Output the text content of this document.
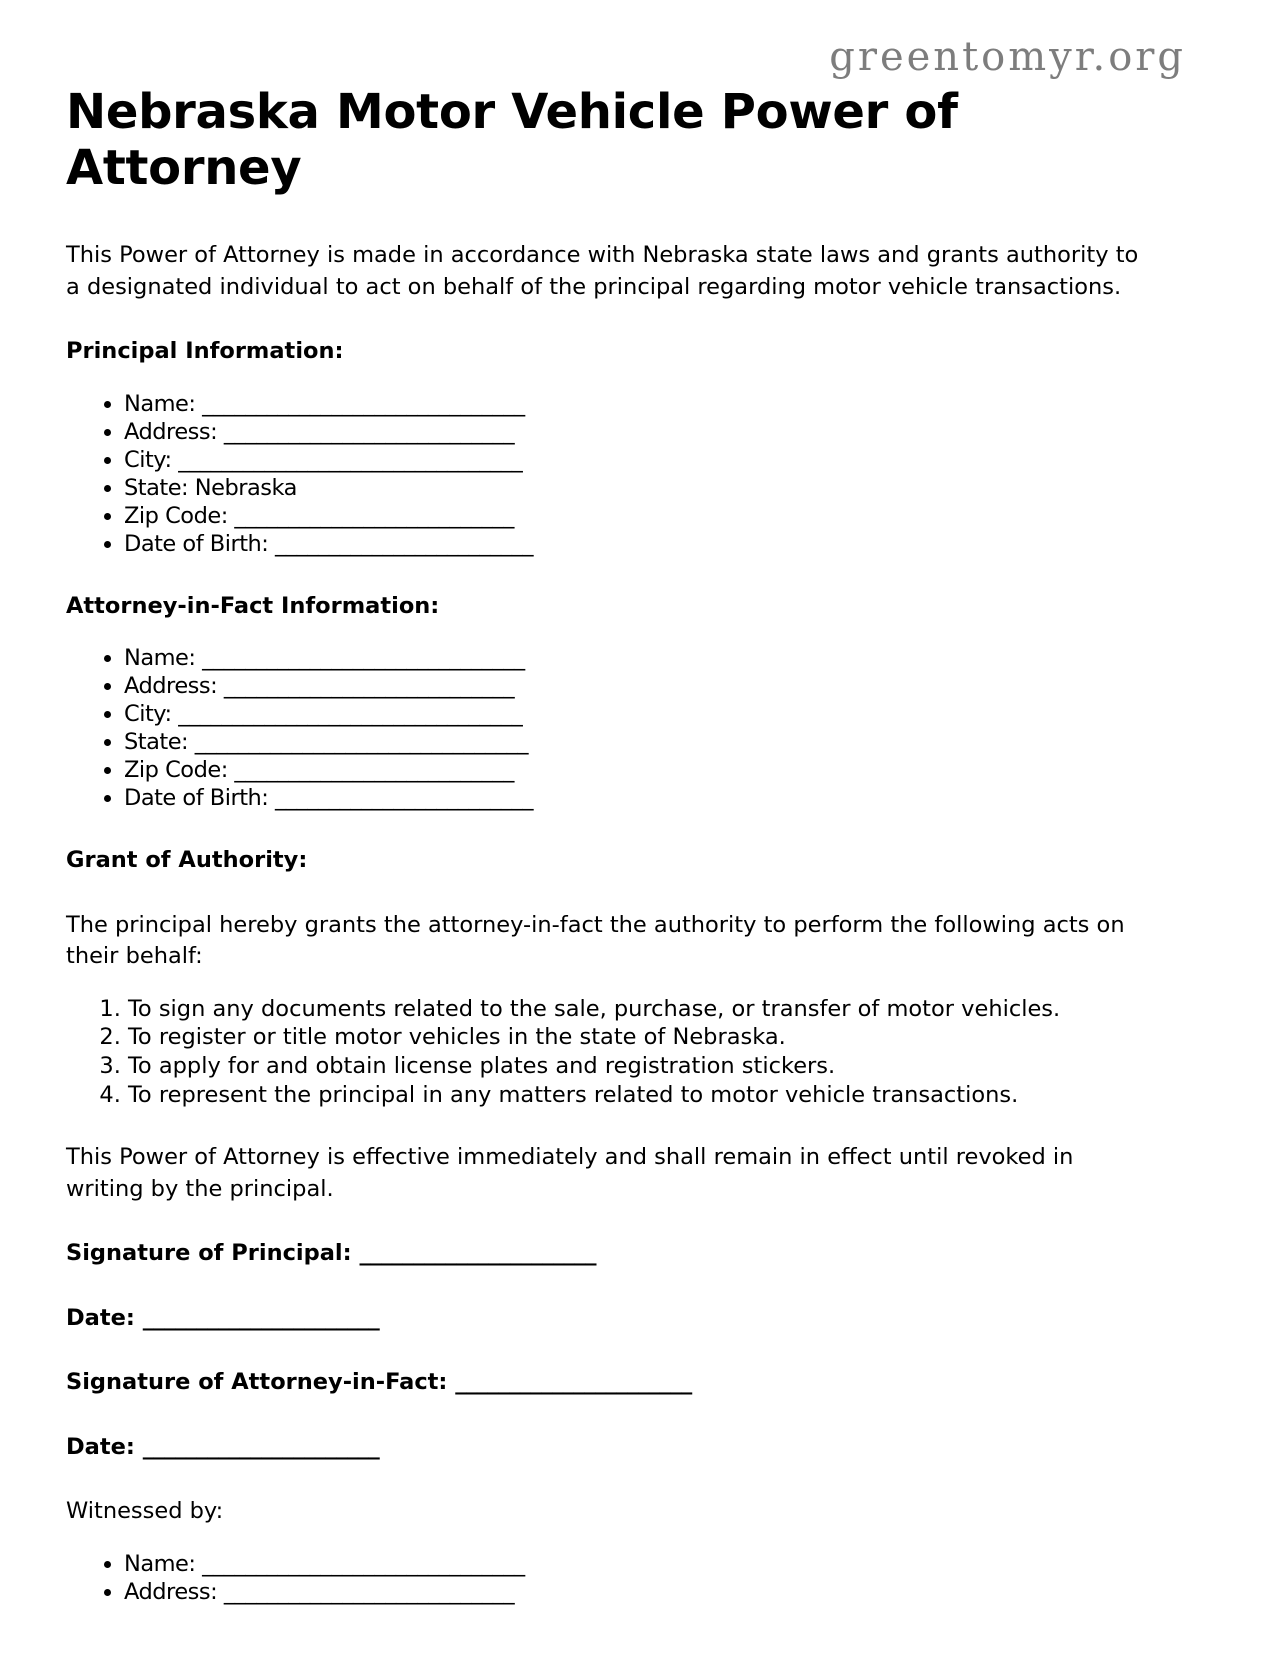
greentomyr.org
Nebraska Motor Vehicle Power of Attorney

This Power of Attorney is made in accordance with Nebraska state laws and grants authority to a designated individual to act on behalf of the principal regarding motor vehicle transactions.

Principal Information:
• Name: ______________________________
• Address: ___________________________
• City: ________________________________
• State: Nebraska
• Zip Code: __________________________
• Date of Birth: ________________________
Attorney-in-Fact Information:
• Name: ______________________________
• Address: ___________________________
• City: ________________________________
• State: _______________________________
• Zip Code: __________________________
• Date of Birth: ________________________
Grant of Authority:

The principal hereby grants the attorney-in-fact the authority to perform the following acts on their behalf:

1. To sign any documents related to the sale, purchase, or transfer of motor vehicles.
2. To register or title motor vehicles in the state of Nebraska.
3. To apply for and obtain license plates and registration stickers.
4. To represent the principal in any matters related to motor vehicle transactions.

This Power of Attorney is effective immediately and shall remain in effect until revoked in writing by the principal.

Signature of Principal: ______________________

Date: ______________________

Signature of Attorney-in-Fact: ______________________

Date: ______________________

Witnessed by:

• Name: ______________________________
• Address: ___________________________
